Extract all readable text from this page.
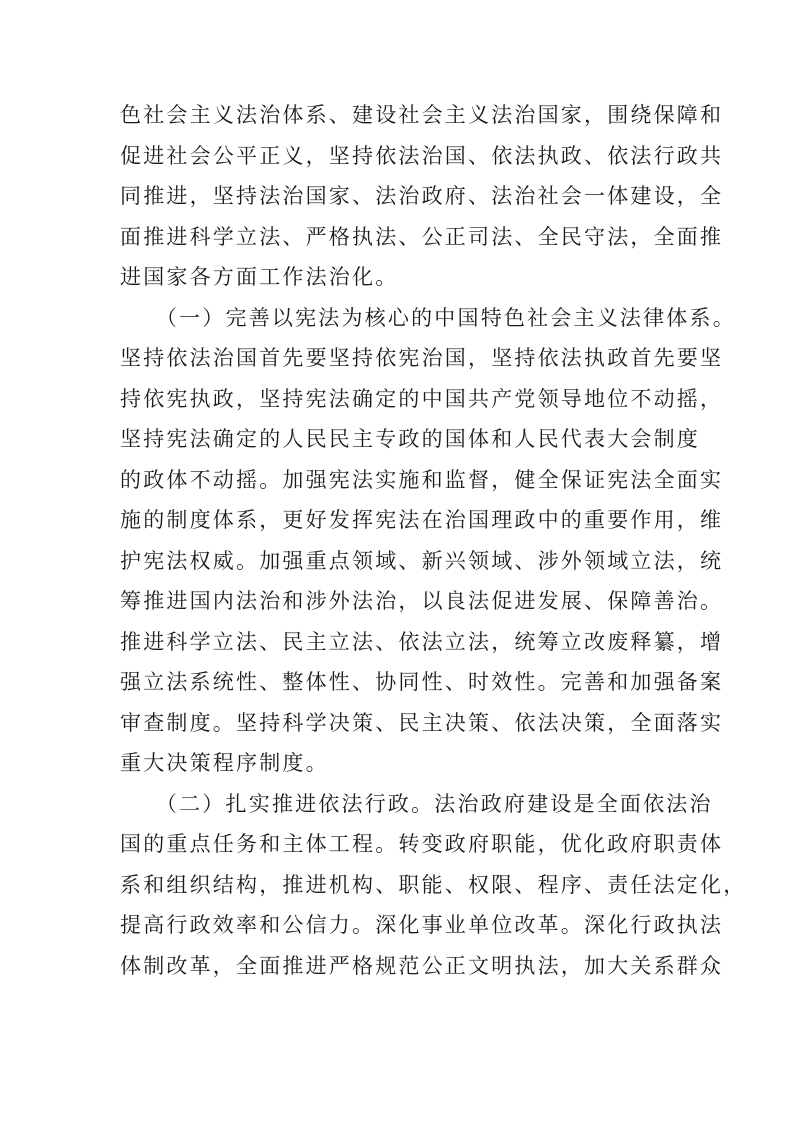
色社会主义法治体系、建设社会主义法治国家，围绕保障和
促进社会公平正义，坚持依法治国、依法执政、依法行政共
同推进，坚持法治国家、法治政府、法治社会一体建设，全
面推进科学立法、严格执法、公正司法、全民守法，全面推
进国家各方面工作法治化。
　　（一）完善以宪法为核心的中国特色社会主义法律体系。
坚持依法治国首先要坚持依宪治国，坚持依法执政首先要坚
持依宪执政，坚持宪法确定的中国共产党领导地位不动摇，
坚持宪法确定的人民民主专政的国体和人民代表大会制度
的政体不动摇。加强宪法实施和监督，健全保证宪法全面实
施的制度体系，更好发挥宪法在治国理政中的重要作用，维
护宪法权威。加强重点领域、新兴领域、涉外领域立法，统
筹推进国内法治和涉外法治，以良法促进发展、保障善治。
推进科学立法、民主立法、依法立法，统筹立改废释纂，增
强立法系统性、整体性、协同性、时效性。完善和加强备案
审查制度。坚持科学决策、民主决策、依法决策，全面落实
重大决策程序制度。
　　（二）扎实推进依法行政。法治政府建设是全面依法治
国的重点任务和主体工程。转变政府职能，优化政府职责体
系和组织结构，推进机构、职能、权限、程序、责任法定化，
提高行政效率和公信力。深化事业单位改革。深化行政执法
体制改革，全面推进严格规范公正文明执法，加大关系群众
